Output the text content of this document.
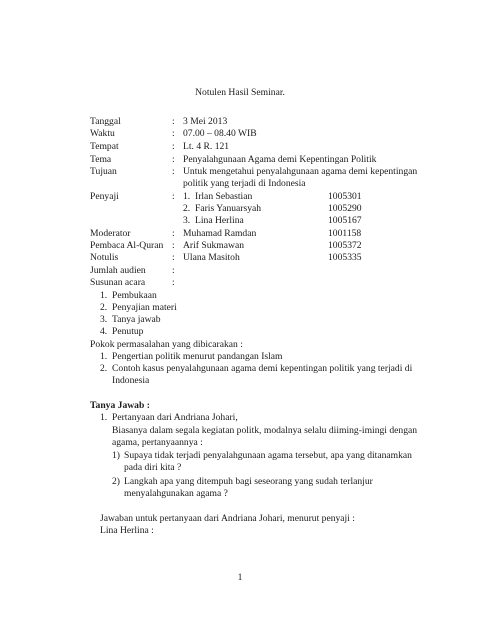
Notulen Hasil Seminar.
Tanggal	: 3 Mei 2013
Waktu	: 07.00 – 08.40 WIB
Tempat	: Lt. 4 R. 121
Tema	: Penyalahgunaan Agama demi Kepentingan Politik
Tujuan	: Untuk mengetahui penyalahgunaan agama demi kepentingan
politik yang terjadi di Indonesia
Penyaji	: 1. Irlan Sebastian	1005301
2. Faris Yanuarsyah	1005290
3. Lina Herlina	1005167
Moderator	: Muhamad Ramdan	1001158
Pembaca Al-Quran : Arif Sukmawan	1005372
Notulis	: Ulana Masitoh	1005335
Jumlah audien	:
Susunan acara	:
1. Pembukaan
2. Penyajian materi
3. Tanya jawab
4. Penutup
Pokok permasalahan yang dibicarakan :
1. Pengertian politik menurut pandangan Islam
2. Contoh kasus penyalahgunaan agama demi kepentingan politik yang terjadi di
Indonesia
Tanya Jawab :
1. Pertanyaan dari Andriana Johari,
Biasanya dalam segala kegiatan politk, modalnya selalu diiming-imingi dengan
agama, pertanyaannya :
1) Supaya tidak terjadi penyalahgunaan agama tersebut, apa yang ditanamkan
pada diri kita ?
2) Langkah apa yang ditempuh bagi seseorang yang sudah terlanjur
menyalahgunakan agama ?
Jawaban untuk pertanyaan dari Andriana Johari, menurut penyaji :
Lina Herlina :
1
